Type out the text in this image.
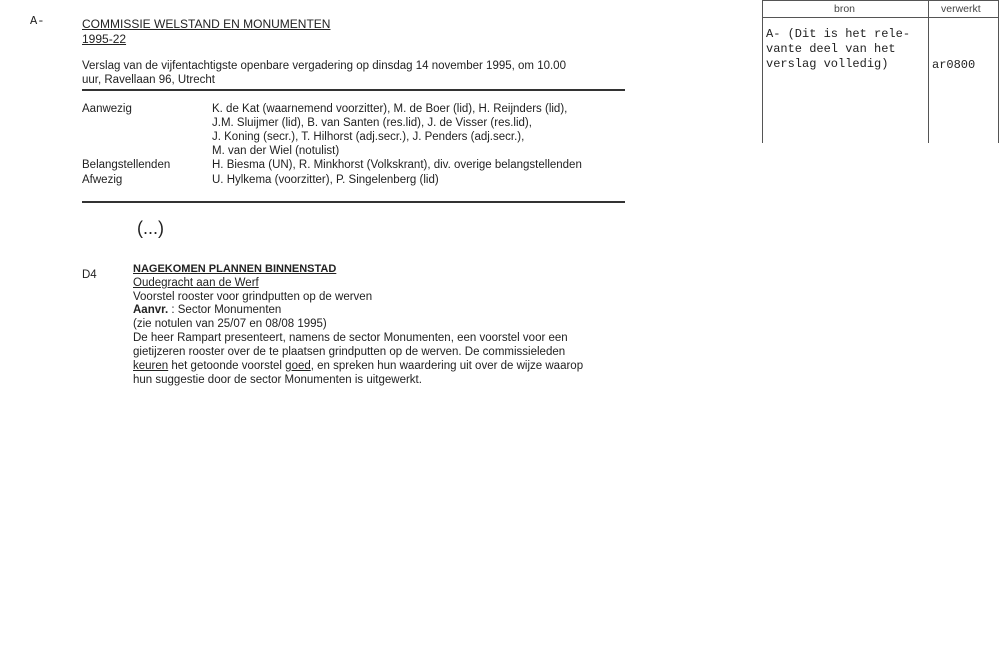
A-	COMMISSIE WELSTAND EN MONUMENTEN
1995-22
Verslag van de vijfentachtigste openbare vergadering op dinsdag 14 november 1995, om 10.00
uur, Ravellaan 96, Utrecht
Aanwezig	K. de Kat (waarnemend voorzitter), M. de Boer (lid), H. Reijnders (lid),
J.M. Sluijmer (lid), B. van Santen (res.lid), J. de Visser (res.lid),
J. Koning (secr.), T. Hilhorst (adj.secr.), J. Penders (adj.secr.),
M. van der Wiel (notulist)
Belangstellenden	H. Biesma (UN), R. Minkhorst (Volkskrant), div. overige belangstellenden
Afwezig	U. Hylkema (voorzitter), P. Singelenberg (lid)
(...)
D4	NAGEKOMEN PLANNEN BINNENSTAD
Oudegracht aan de Werf
Voorstel rooster voor grindputten op de werven
Aanvr. : Sector Monumenten
(zie notulen van 25/07 en 08/08 1995)
De heer Rampart presenteert, namens de sector Monumenten, een voorstel voor een
gietijzeren rooster over de te plaatsen grindputten op de werven. De commissieleden
keuren het getoonde voorstel goed, en spreken hun waardering uit over de wijze waarop
hun suggestie door de sector Monumenten is uitgewerkt.
bron	verwerkt
A- (Dit is het rele-
vante deel van het
verslag volledig)	ar0800
